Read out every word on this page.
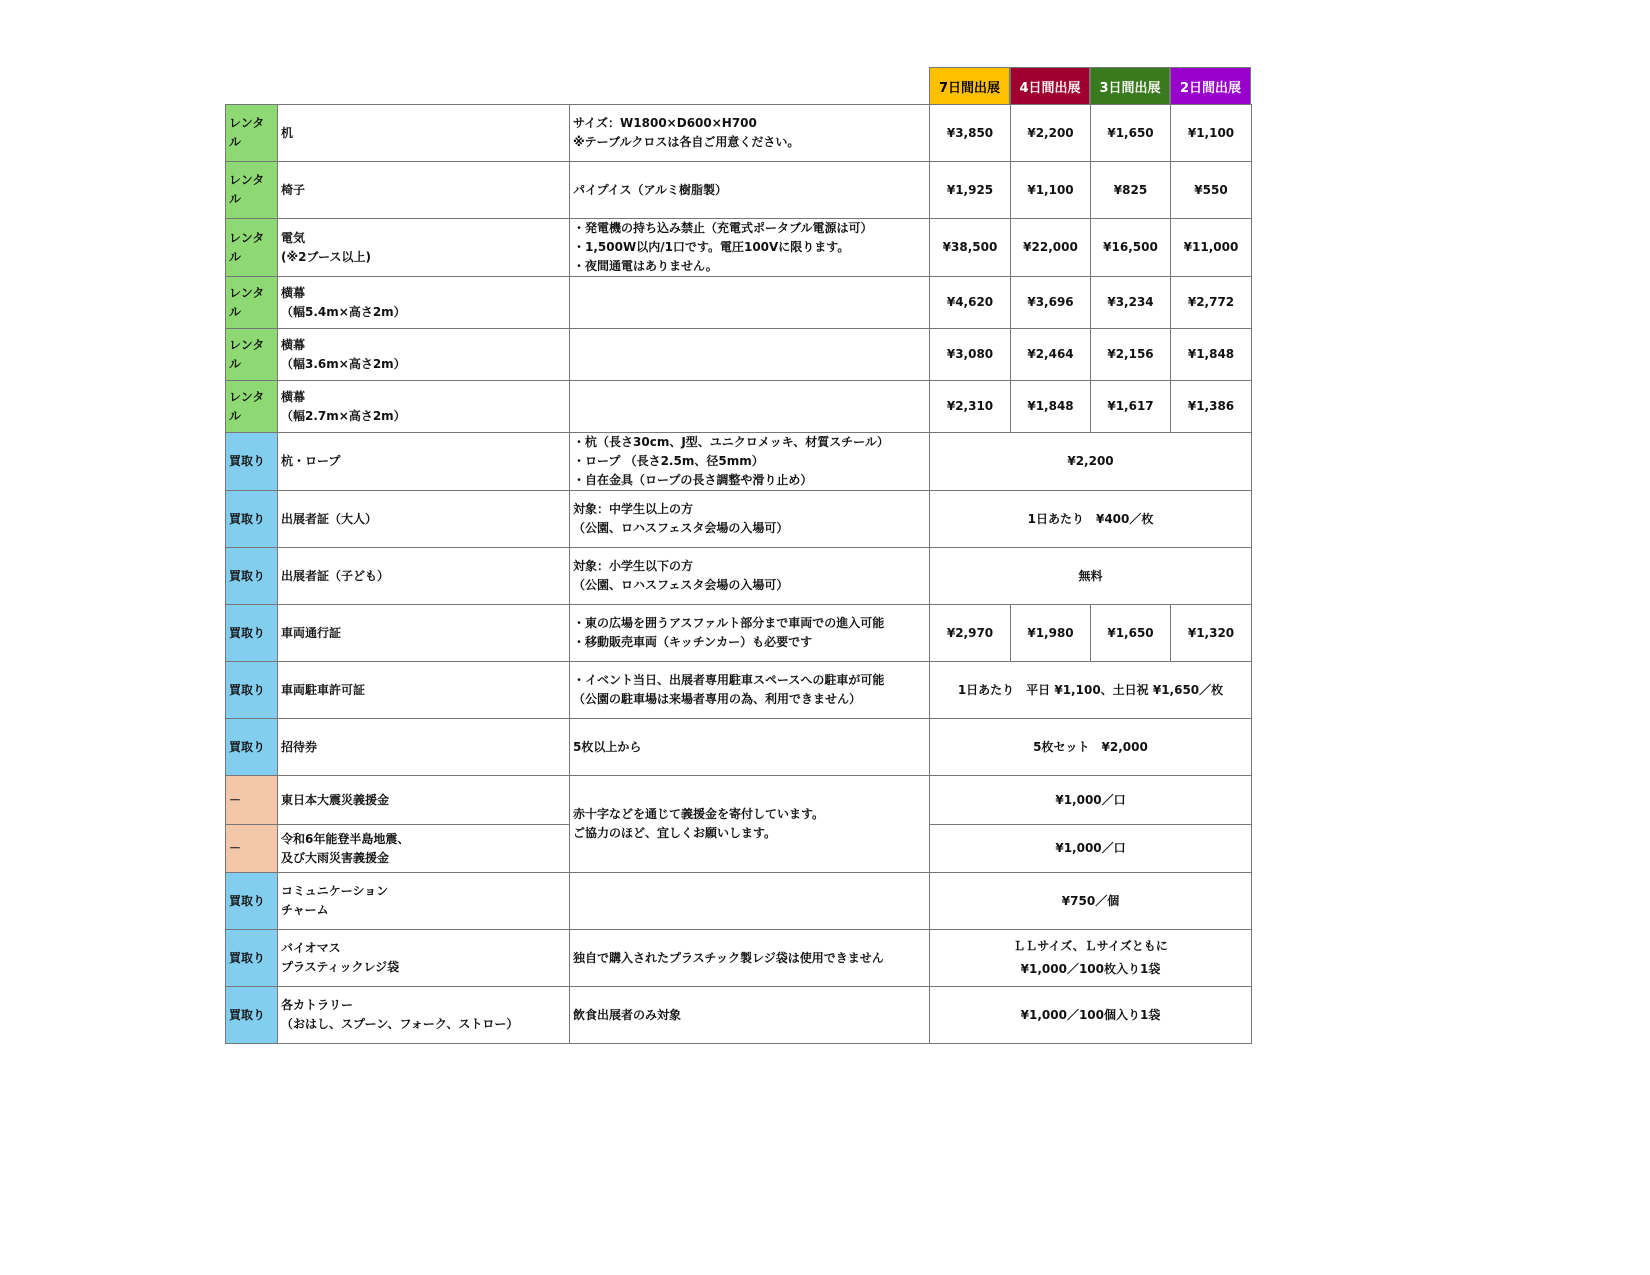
7日間出展 4日間出展 3日間出展 2日間出展
レンタル	机	サイズ：W1800×D600×H700
※テーブルクロスは各自ご用意ください。	¥3,850	¥2,200	¥1,650	¥1,100
レンタル	椅子	パイプイス（アルミ樹脂製）	¥1,925	¥1,100	¥825	¥550
レンタル	電気
(※2ブース以上)	・発電機の持ち込み禁止（充電式ポータブル電源は可）
・1,500W以内/1口です。電圧100Vに限ります。
・夜間通電はありません。	¥38,500	¥22,000	¥16,500	¥11,000
レンタル	横幕
（幅5.4m×高さ2m）		¥4,620	¥3,696	¥3,234	¥2,772
レンタル	横幕
（幅3.6m×高さ2m）		¥3,080	¥2,464	¥2,156	¥1,848
レンタル	横幕
（幅2.7m×高さ2m）		¥2,310	¥1,848	¥1,617	¥1,386
買取り	杭・ロープ	・杭（長さ30cm、J型、ユニクロメッキ、材質スチール）
・ロープ （長さ2.5m、径5mm）
・自在金具（ロープの長さ調整や滑り止め）	¥2,200			

買取り	出展者証（大人）	対象：中学生以上の方
（公園、ロハスフェスタ会場の入場可）	1日あたり　¥400／枚			

買取り	出展者証（子ども）	対象：小学生以下の方
（公園、ロハスフェスタ会場の入場可）	無料			

買取り	車両通行証	・東の広場を囲うアスファルト部分まで車両での進入可能
・移動販売車両（キッチンカー）も必要です	¥2,970	¥1,980	¥1,650	¥1,320
買取り	車両駐車許可証	・イベント当日、出展者専用駐車スペースへの駐車が可能
（公園の駐車場は来場者専用の為、利用できません）	1日あたり　平日 ¥1,100、土日祝 ¥1,650／枚			

買取り	招待券	5枚以上から	5枚セット　¥2,000			

－	東日本大震災義援金	赤十字などを通じて義援金を寄付しています。
ご協力のほど、宜しくお願いします。	¥1,000／口			

－	令和6年能登半島地震、
及び大雨災害義援金		¥1,000／口			

買取り	コミュニケーション
チャーム		¥750／個			

買取り	バイオマス
プラスティックレジ袋	独自で購入されたプラスチック製レジ袋は使用できません	ＬＬサイズ、Ｌサイズともに
¥1,000／100枚入り1袋			

買取り	各カトラリー
（おはし、スプーン、フォーク、ストロー）	飲食出展者のみ対象	¥1,000／100個入り1袋			
